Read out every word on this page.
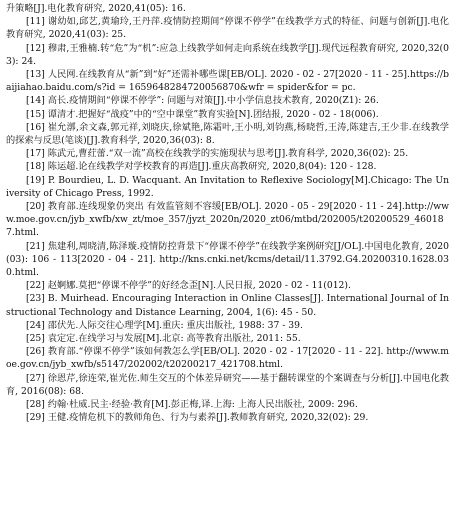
升策略[J].电化教育研究, 2020,41(05): 16.

[11] 谢幼如,邱艺,黄瑜玲,王丹萍.疫情防控期间“停课不停学”在线教学方式的特征、问题与创新[J].电化教育研究, 2020,41(03): 25.

[12] 穆肃,王雅楠.转“危”为“机”:应急上线教学如何走向系统在线教学[J].现代远程教育研究, 2020,32(03): 24.

[13] 人民网.在线教育从“新”到“好”还需补哪些课[EB/OL]. 2020 - 02 - 27[2020 - 11 - 25].https://baijiahao.baidu.com/s?id = 1659648284720056870&wfr = spider&for = pc.

[14] 高长.疫情期间“停课不停学”: 问题与对策[J].中小学信息技术教育, 2020(Z1): 26.

[15] 谭清才.把握好“战疫”中的“空中课堂”教育实验[N].团结报, 2020 - 02 - 18(006).

[16] 崔允漷,余文森,郭元祥,刘晓庆,徐斌艳,陈霜叶,王小明,刘钧燕,杨晓哲,王涛,陈建吉,王少非.在线教学的探索与反思(笔谈)[J].教育科学, 2020,36(03): 8.

[17] 陈武元,曹荭蕾.“双一流”高校在线教学的实施现状与思考[J].教育科学, 2020,36(02): 25.

[18] 陈运超.论在线教学对学校教育的再造[J].重庆高教研究, 2020,8(04): 120 - 128.

[19] P. Bourdieu, L. D. Wacquant. An Invitation to Reflexive Sociology[M].Chicago: The University of Chicago Press, 1992.

[20] 教育部.连线现象仍突出 有效监管刻不容缓[EB/OL]. 2020 - 05 - 29[2020 - 11 - 24].http://www.moe.gov.cn/jyb_xwfb/xw_zt/moe_357/jyzt_2020n/2020_zt06/mtbd/202005/t20200529_460187.html.

[21] 焦建利,周晓清,陈泽璇.疫情防控背景下“停课不停学”在线教学案例研究[J/OL].中国电化教育, 2020(03): 106 - 113[2020 - 04 - 21]. http://kns.cnki.net/kcms/detail/11.3792.G4.20200310.1628.030.html.

[22] 赵婀娜.莫把“停课不停学”的好经念歪[N].人民日报, 2020 - 02 - 11(012).

[23] B. Muirhead. Encouraging Interaction in Online Classes[J]. International Journal of Instructional Technology and Distance Learning, 2004, 1(6): 45 - 50.

[24] 邵伏先.人际交往心理学[M].重庆: 重庆出版社, 1988: 37 - 39.

[25] 袁定定.在线学习与发展[M].北京: 高等教育出版社, 2011: 55.

[26] 教育部.“停课不停学”该如何教怎么学[EB/OL]. 2020 - 02 - 17[2020 - 11 - 22]. http://www.moe.gov.cn/jyb_xwfb/s5147/202002/t20200217_421708.html.

[27] 徐恩芹,徐连荣,崔光佐.师生交互的个体差异研究——基于翻转课堂的个案调查与分析[J].中国电化教育, 2016(08): 68.

[28] 约翰·杜威.民主·经验·教育[M].彭正梅,译.上海: 上海人民出版社, 2009: 296.

[29] 王健.疫情危机下的教师角色、行为与素养[J].教师教育研究, 2020,32(02): 29.
